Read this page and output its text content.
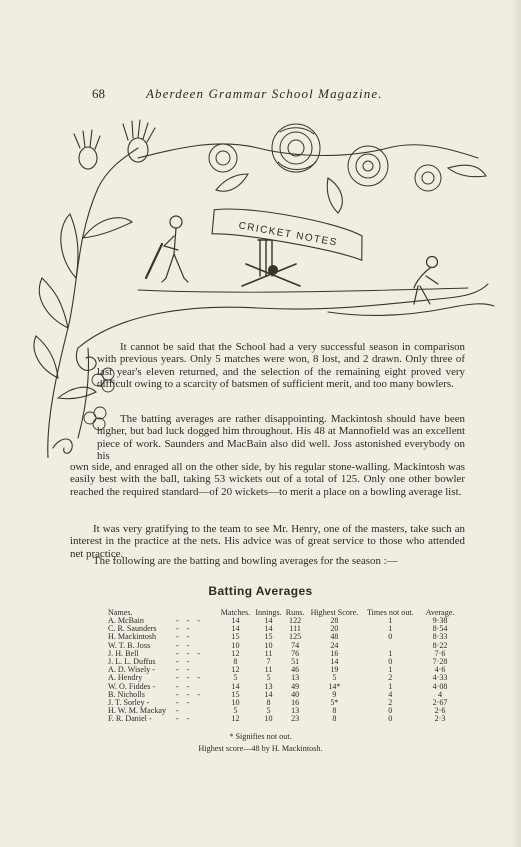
68	Aberdeen Grammar School Magazine.
CRICKET NOTES

It cannot be said that the School had a very successful season in comparison with previous years. Only 5 matches were won, 8 lost, and 2 drawn. Only three of last year's eleven returned, and the selection of the remaining eight proved very difficult owing to a scarcity of batsmen of sufficient merit, and too many bowlers.

The batting averages are rather disappointing. Mackintosh should have been higher, but bad luck dogged him throughout. His 48 at Mannofield was an excellent piece of work. Saunders and MacBain also did well. Joss astonished everybody on his

own side, and enraged all on the other side, by his regular stone-walling. Mackintosh was easily best with the ball, taking 53 wickets out of a total of 125. Only one other bowler reached the required standard—of 20 wickets—to merit a place on a bowling average list.

It was very gratifying to the team to see Mr. Henry, one of the masters, take such an interest in the practice at the nets. His advice was of great service to those who attended net practice.

The following are the batting and bowling averages for the season :—

Batting Averages
Names.		Matches.	Innings.	Runs.	Highest Score.	Times not out.	Average.
A. McBain	- - -	14	14	122	28	1	9·38
C. R. Saunders	- -	14	14	111	20	1	8·54
H. Mackintosh	- -	15	15	125	48	0	8·33
W. T. B. Joss	- -	10	10	74	24		8·22
J. H. Bell	- - -	12	11	76	16	1	7·6
J. L. L. Duffus	- -	8	7	51	14	0	7·28
A. D. Wisely -	- -	12	11	46	19	1	4·6
A. Hendry	- - -	5	5	13	5	2	4·33
W. O. Fiddes -	- -	14	13	49	14*	1	4·08
B. Nicholls	- - -	15	14	40	9	4	4
J. T. Sorley -	- -	10	8	16	5*	2	2·67
H. W. M. Mackay	-	5	5	13	8	0	2·6
F. R. Daniel -	- -	12	10	23	8	0	2·3
* Signifies not out.
Highest score—48 by H. Mackintosh.
